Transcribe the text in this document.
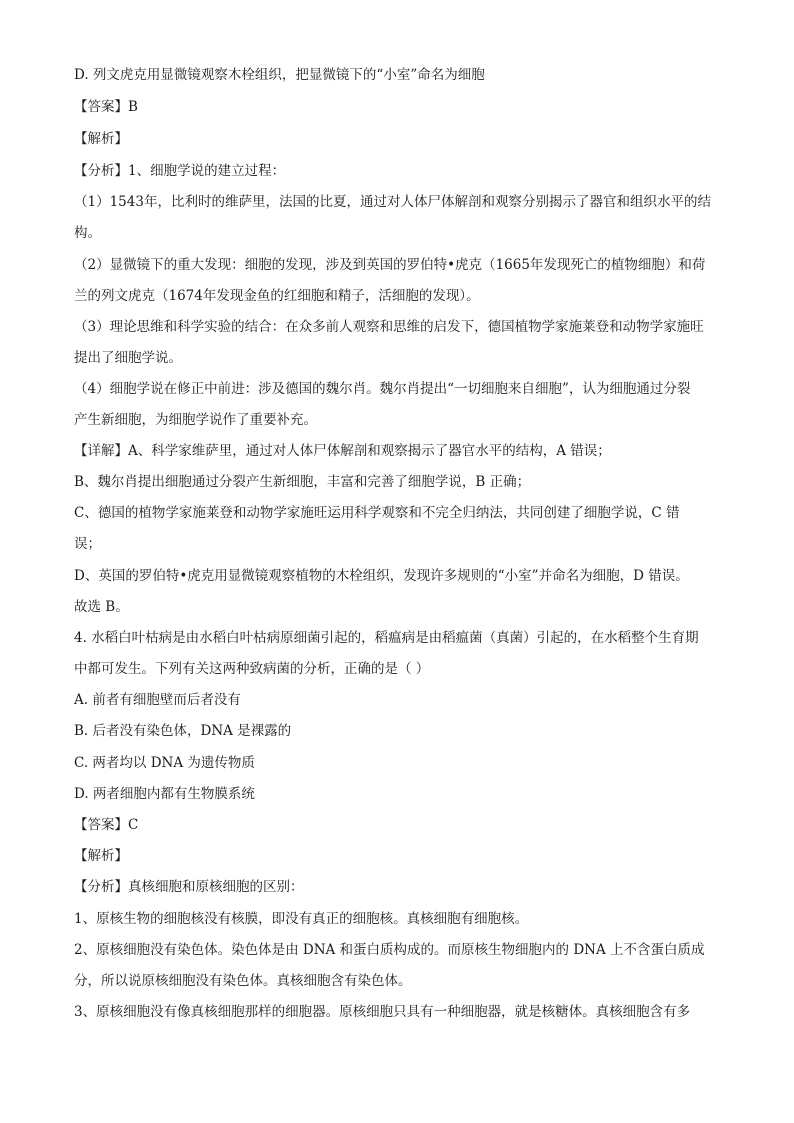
D. 列文虎克用显微镜观察木栓组织，把显微镜下的“小室”命名为细胞
【答案】B
【解析】
【分析】1、细胞学说的建立过程：
（1）1543年，比利时的维萨里，法国的比夏，通过对人体尸体解剖和观察分别揭示了器官和组织水平的结
构。
（2）显微镜下的重大发现：细胞的发现，涉及到英国的罗伯特•虎克（1665年发现死亡的植物细胞）和荷
兰的列文虎克（1674年发现金鱼的红细胞和精子，活细胞的发现）。
（3）理论思维和科学实验的结合：在众多前人观察和思维的启发下，德国植物学家施莱登和动物学家施旺
提出了细胞学说。
（4）细胞学说在修正中前进：涉及德国的魏尔肖。魏尔肖提出“一切细胞来自细胞”，认为细胞通过分裂
产生新细胞，为细胞学说作了重要补充。
【详解】A、科学家维萨里，通过对人体尸体解剖和观察揭示了器官水平的结构，A 错误；
B、魏尔肖提出细胞通过分裂产生新细胞，丰富和完善了细胞学说，B 正确；
C、德国的植物学家施莱登和动物学家施旺运用科学观察和不完全归纳法，共同创建了细胞学说，C 错
误；
D、英国的罗伯特•虎克用显微镜观察植物的木栓组织，发现许多规则的“小室”并命名为细胞，D 错误。
故选 B。
4. 水稻白叶枯病是由水稻白叶枯病原细菌引起的，稻瘟病是由稻瘟菌（真菌）引起的，在水稻整个生育期
中都可发生。下列有关这两种致病菌的分析，正确的是（ ）
A. 前者有细胞壁而后者没有
B. 后者没有染色体，DNA 是裸露的
C. 两者均以 DNA 为遗传物质
D. 两者细胞内都有生物膜系统
【答案】C
【解析】
【分析】真核细胞和原核细胞的区别：
1、原核生物的细胞核没有核膜，即没有真正的细胞核。真核细胞有细胞核。
2、原核细胞没有染色体。染色体是由 DNA 和蛋白质构成的。而原核生物细胞内的 DNA 上不含蛋白质成
分，所以说原核细胞没有染色体。真核细胞含有染色体。
3、原核细胞没有像真核细胞那样的细胞器。原核细胞只具有一种细胞器，就是核糖体。真核细胞含有多
